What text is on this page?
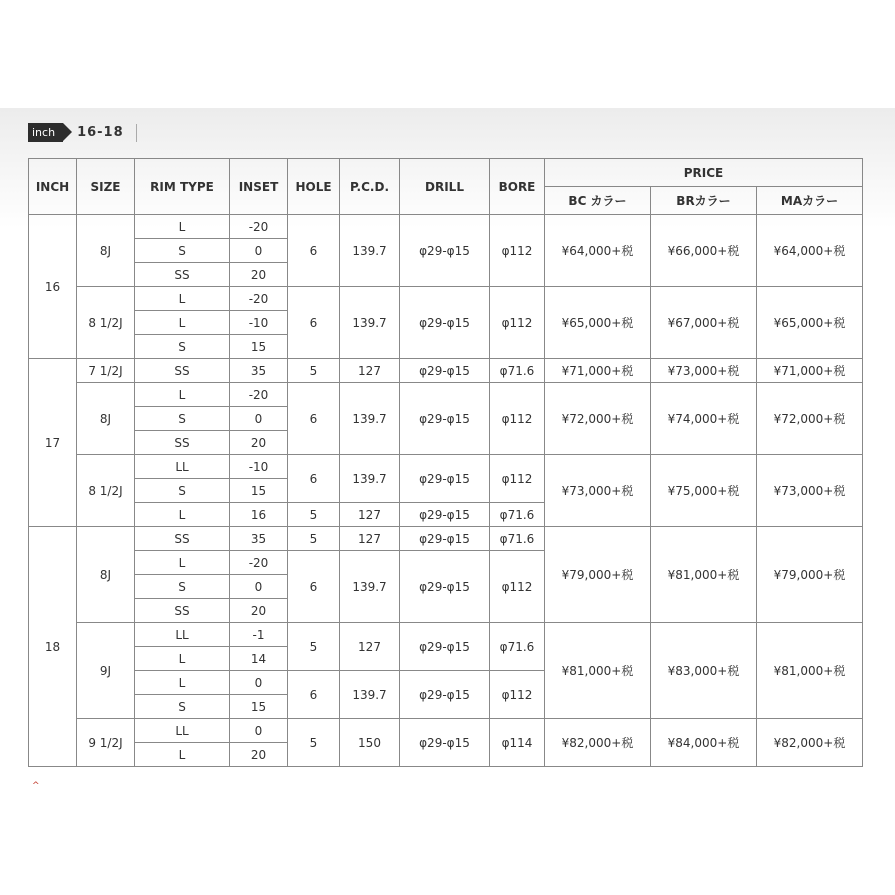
inch	16-18
INCH	SIZE	RIM TYPE	INSET	HOLE	P.C.D.	DRILL	BORE	PRICE		
								BC カラー	BRカラー	MAカラー
16	8J	L	-20	6	139.7	φ29-φ15	φ112	¥64,000+税	¥66,000+税	¥64,000+税
		S	0							
		SS	20							
	8 1/2J	L	-20	6	139.7	φ29-φ15	φ112	¥65,000+税	¥67,000+税	¥65,000+税
		L	-10							
		S	15							
17	7 1/2J	SS	35	5	127	φ29-φ15	φ71.6	¥71,000+税	¥73,000+税	¥71,000+税
	8J	L	-20	6	139.7	φ29-φ15	φ112	¥72,000+税	¥74,000+税	¥72,000+税
		S	0							
		SS	20							
	8 1/2J	LL	-10	6	139.7	φ29-φ15	φ112	¥73,000+税	¥75,000+税	¥73,000+税
		S	15							
		L	16	5	127	φ29-φ15	φ71.6			
18	8J	SS	35	5	127	φ29-φ15	φ71.6	¥79,000+税	¥81,000+税	¥79,000+税
		L	-20	6	139.7	φ29-φ15	φ112			
		S	0							
		SS	20							
	9J	LL	-1	5	127	φ29-φ15	φ71.6	¥81,000+税	¥83,000+税	¥81,000+税
		L	14							
		L	0	6	139.7	φ29-φ15	φ112			
		S	15							
	9 1/2J	LL	0	5	150	φ29-φ15	φ114	¥82,000+税	¥84,000+税	¥82,000+税
		L	20							
^
